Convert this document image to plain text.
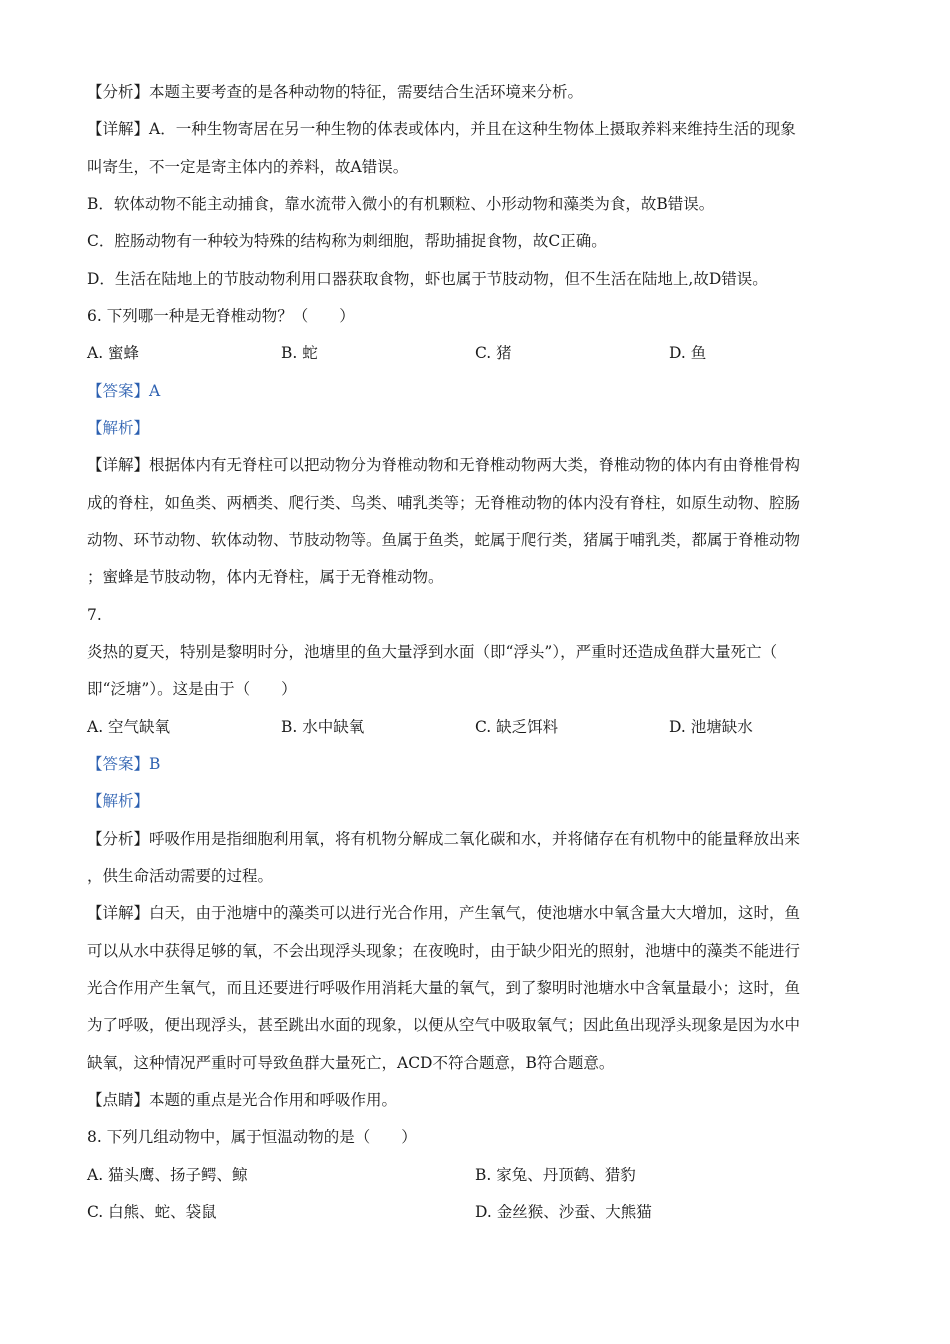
【分析】本题主要考查的是各种动物的特征，需要结合生活环境来分析。
【详解】A．一种生物寄居在另一种生物的体表或体内，并且在这种生物体上摄取养料来维持生活的现象
叫寄生，不一定是寄主体内的养料，故A错误。
B．软体动物不能主动捕食，靠水流带入微小的有机颗粒、小形动物和藻类为食，故B错误。
C．腔肠动物有一种较为特殊的结构称为刺细胞，帮助捕捉食物，故C正确。
D．生活在陆地上的节肢动物利用口器获取食物，虾也属于节肢动物，但不生活在陆地上,故D错误。
6. 下列哪一种是无脊椎动物？（　　）
A. 蜜蜂	B. 蛇	C. 猪	D. 鱼
【答案】A
【解析】
【详解】根据体内有无脊柱可以把动物分为脊椎动物和无脊椎动物两大类，脊椎动物的体内有由脊椎骨构
成的脊柱，如鱼类、两栖类、爬行类、鸟类、哺乳类等；无脊椎动物的体内没有脊柱，如原生动物、腔肠
动物、环节动物、软体动物、节肢动物等。鱼属于鱼类，蛇属于爬行类，猪属于哺乳类，都属于脊椎动物
；蜜蜂是节肢动物，体内无脊柱，属于无脊椎动物。
7.
炎热的夏天，特别是黎明时分，池塘里的鱼大量浮到水面（即“浮头”），严重时还造成鱼群大量死亡（
即“泛塘”）。这是由于（　　）
A. 空气缺氧	B. 水中缺氧	C. 缺乏饵料	D. 池塘缺水
【答案】B
【解析】
【分析】呼吸作用是指细胞利用氧，将有机物分解成二氧化碳和水，并将储存在有机物中的能量释放出来
，供生命活动需要的过程。
【详解】白天，由于池塘中的藻类可以进行光合作用，产生氧气，使池塘水中氧含量大大增加，这时，鱼
可以从水中获得足够的氧，不会出现浮头现象；在夜晚时，由于缺少阳光的照射，池塘中的藻类不能进行
光合作用产生氧气，而且还要进行呼吸作用消耗大量的氧气，到了黎明时池塘水中含氧量最小；这时，鱼
为了呼吸，便出现浮头，甚至跳出水面的现象，以便从空气中吸取氧气；因此鱼出现浮头现象是因为水中
缺氧，这种情况严重时可导致鱼群大量死亡，ACD不符合题意，B符合题意。
【点睛】本题的重点是光合作用和呼吸作用。
8. 下列几组动物中，属于恒温动物的是（　　）
A. 猫头鹰、扬子鳄、鲸	B. 家兔、丹顶鹤、猎豹
C. 白熊、蛇、袋鼠	D. 金丝猴、沙蚕、大熊猫
